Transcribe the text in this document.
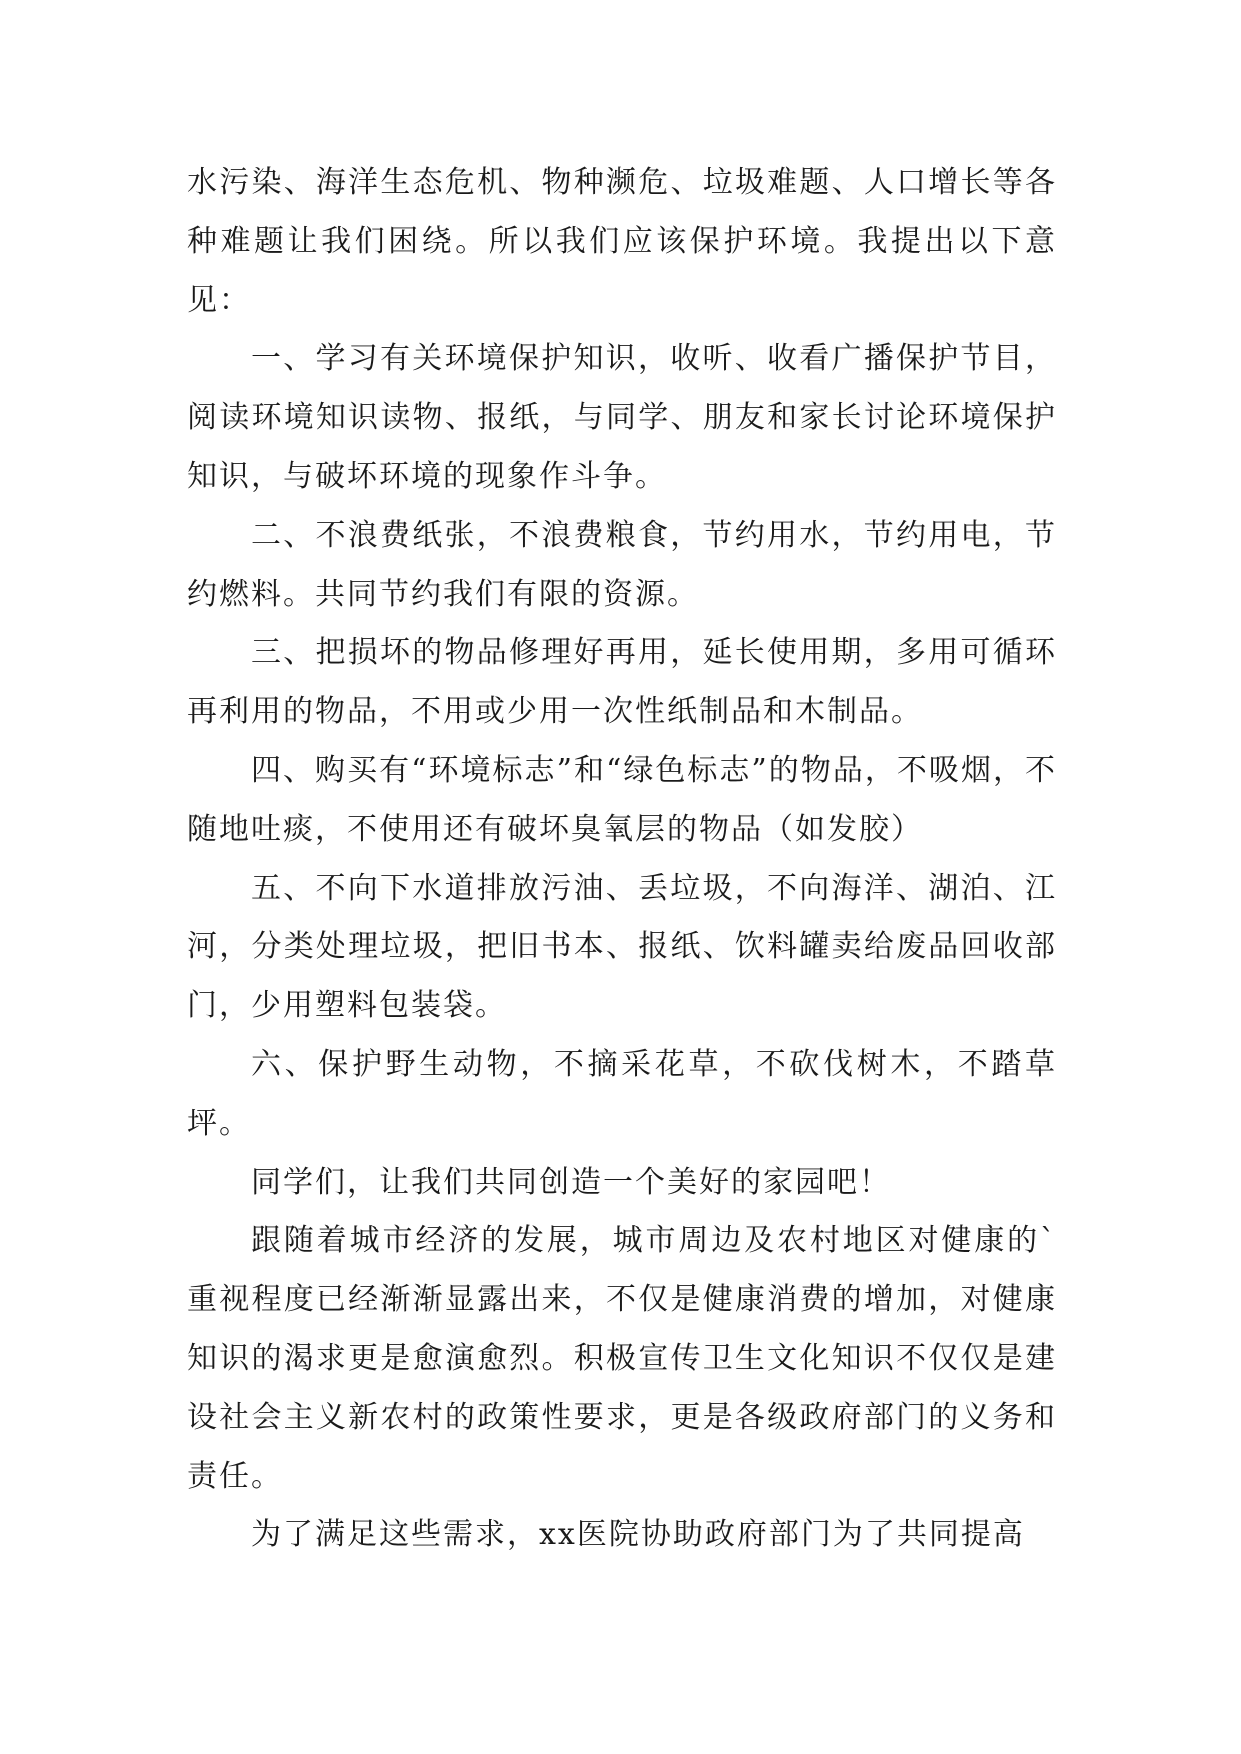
水污染、海洋生态危机、物种濒危、垃圾难题、人口增长等各种难题让我们困绕。所以我们应该保护环境。我提出以下意见：

一、学习有关环境保护知识，收听、收看广播保护节目，阅读环境知识读物、报纸，与同学、朋友和家长讨论环境保护知识，与破坏环境的现象作斗争。

二、不浪费纸张，不浪费粮食，节约用水，节约用电，节约燃料。共同节约我们有限的资源。

三、把损坏的物品修理好再用，延长使用期，多用可循环再利用的物品，不用或少用一次性纸制品和木制品。

四、购买有“环境标志”和“绿色标志”的物品，不吸烟，不随地吐痰，不使用还有破坏臭氧层的物品（如发胶）

五、不向下水道排放污油、丢垃圾，不向海洋、湖泊、江河，分类处理垃圾，把旧书本、报纸、饮料罐卖给废品回收部门，少用塑料包装袋。

六、保护野生动物，不摘采花草，不砍伐树木，不踏草坪。

同学们，让我们共同创造一个美好的家园吧！

跟随着城市经济的发展，城市周边及农村地区对健康的`重视程度已经渐渐显露出来，不仅是健康消费的增加，对健康知识的渴求更是愈演愈烈。积极宣传卫生文化知识不仅仅是建设社会主义新农村的政策性要求，更是各级政府部门的义务和责任。

为了满足这些需求，xx医院协助政府部门为了共同提高
